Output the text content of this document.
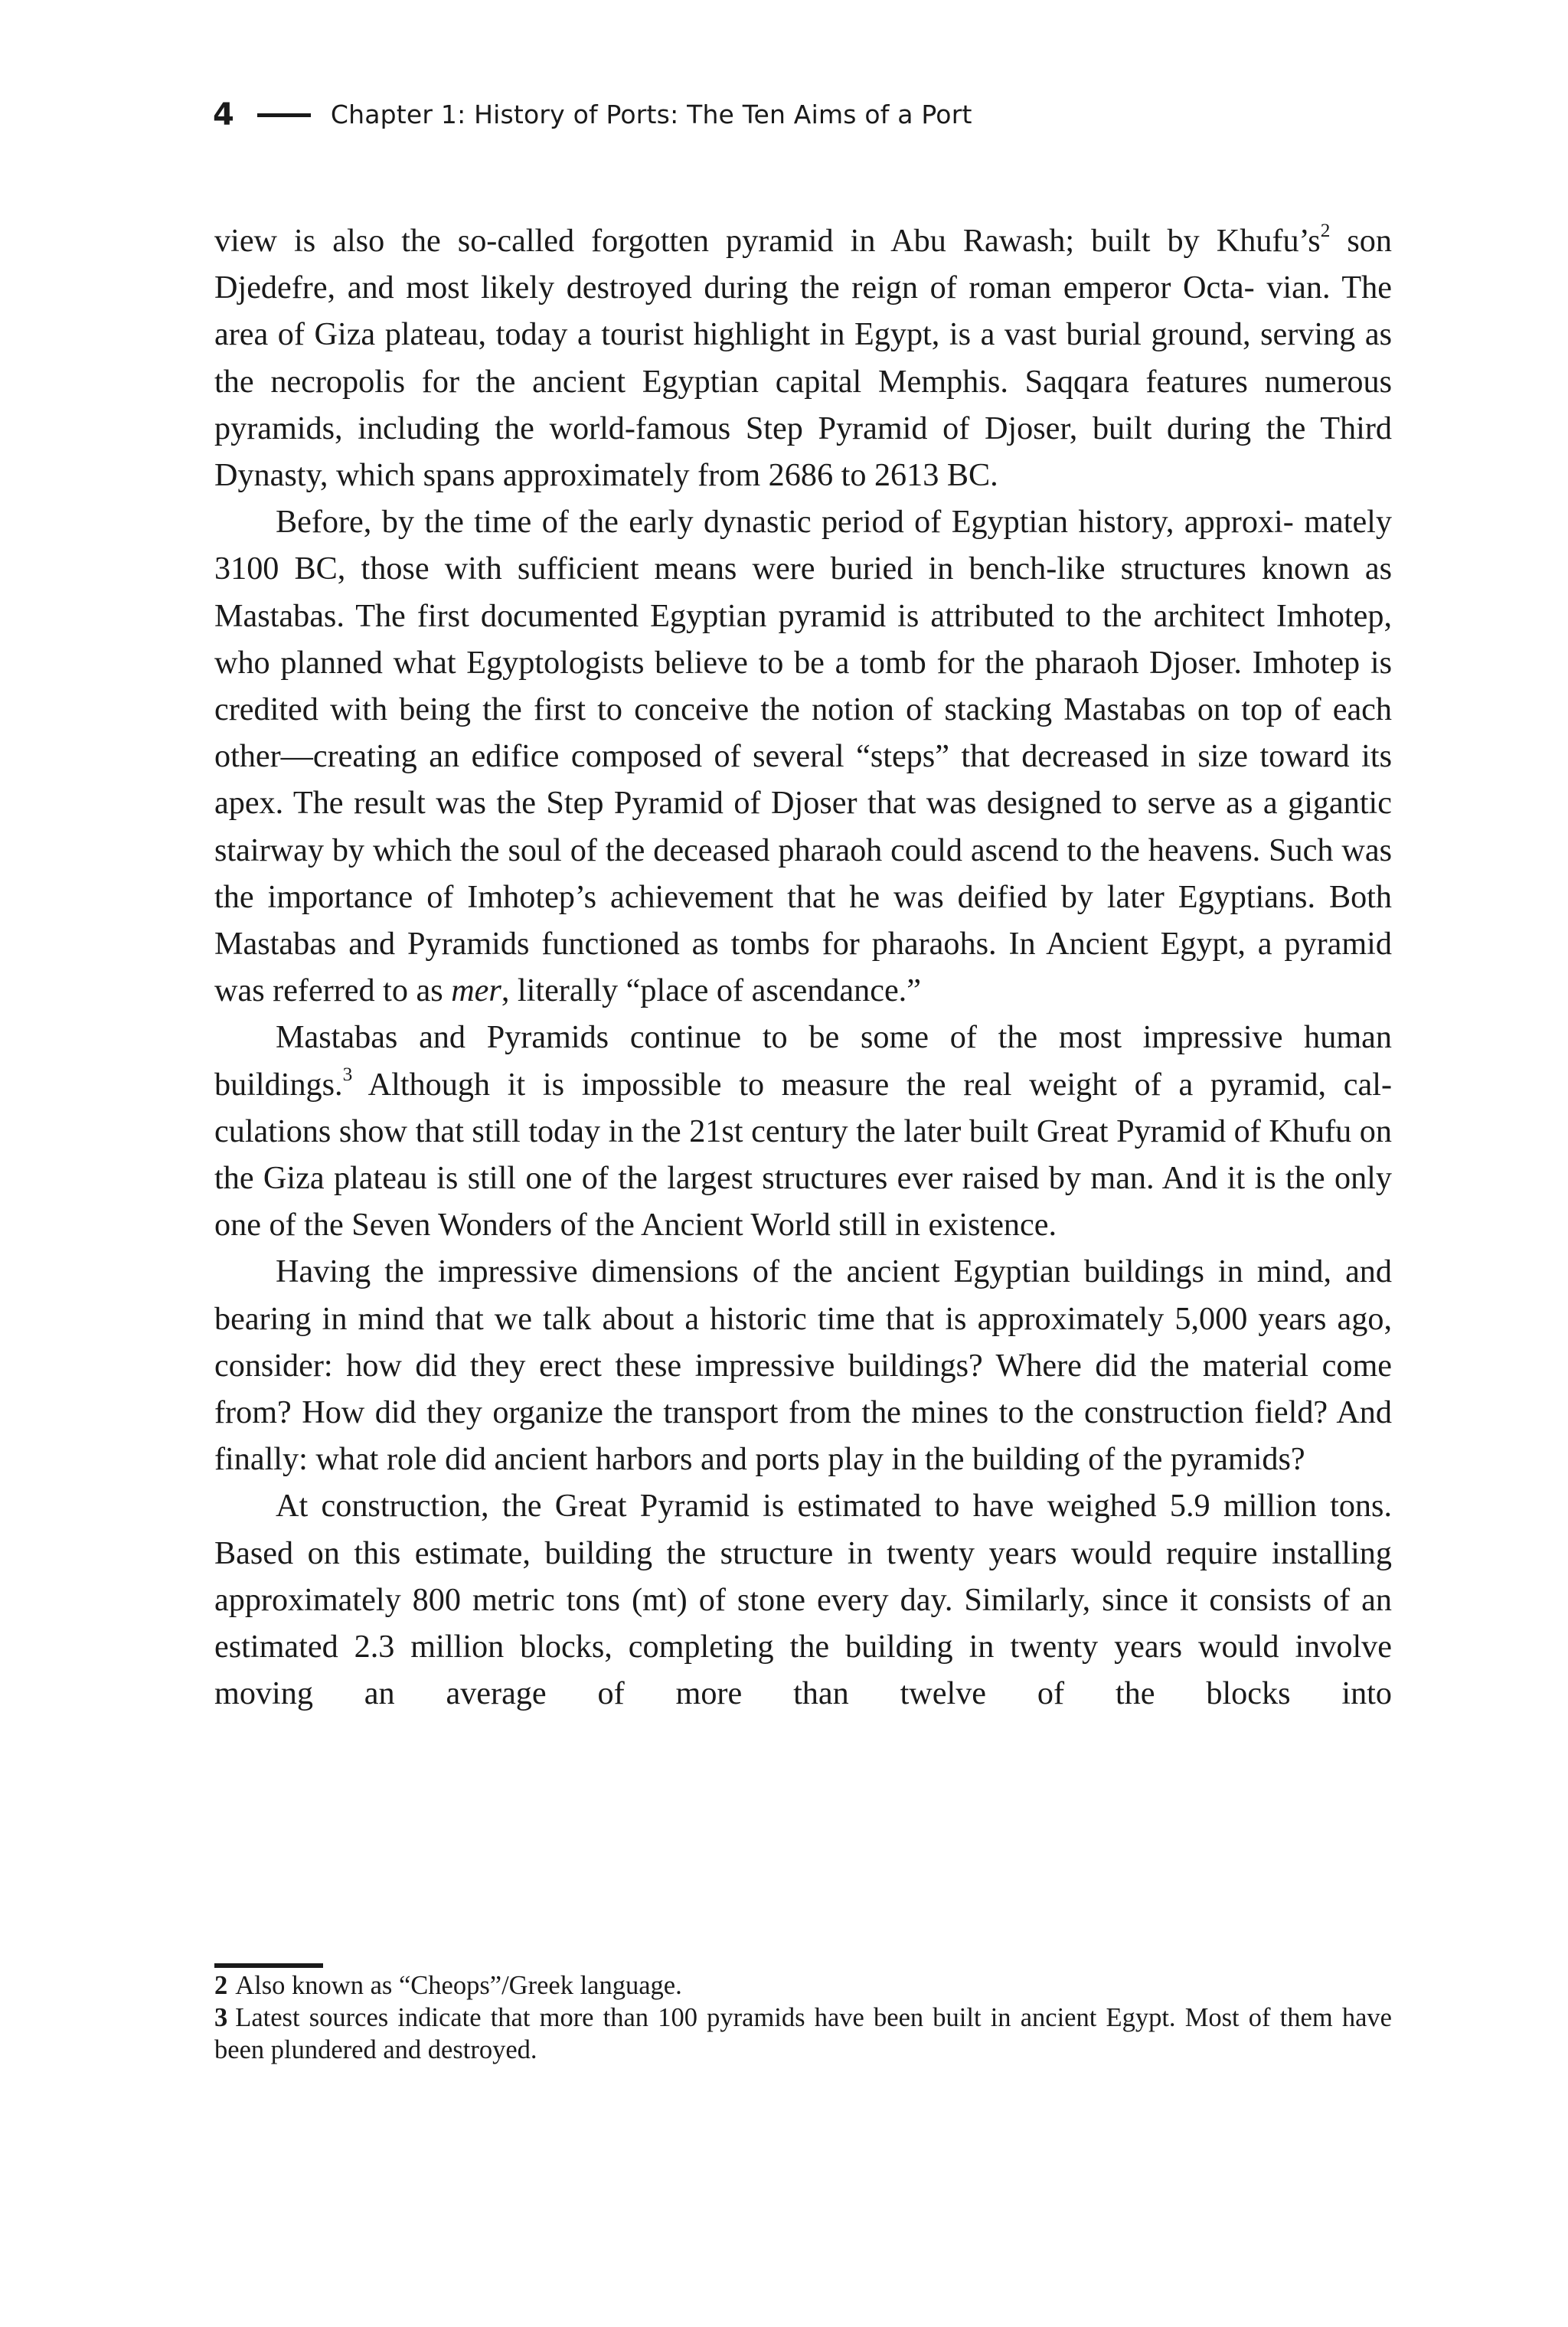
4	Chapter 1: History of Ports: The Ten Aims of a Port

view is also the so-called forgotten pyramid in Abu Rawash; built by $Khufu’s^2$ son Djedefre, and most likely destroyed during the reign of roman emperor Octa- vian. The area of Giza plateau, today a tourist highlight in Egypt, is a vast burial ground, serving as the necropolis for the ancient Egyptian capital Memphis. Saqqara features numerous pyramids, including the world-famous Step Pyramid of Djoser, built during the Third Dynasty, which spans approximately from 2686 to 2613 BC.

Before, by the time of the early dynastic period of Egyptian history, approxi- mately 3100 BC, those with sufficient means were buried in bench-like structures known as Mastabas. The first documented Egyptian pyramid is attributed to the architect Imhotep, who planned what Egyptologists believe to be a tomb for the pharaoh Djoser. Imhotep is credited with being the first to conceive the notion of stacking Mastabas on top of each other—creating an edifice composed of several “steps” that decreased in size toward its apex. The result was the Step Pyramid of Djoser that was designed to serve as a gigantic stairway by which the soul of the deceased pharaoh could ascend to the heavens. Such was the importance of Imhotep’s achievement that he was deified by later Egyptians. Both Mastabas and Pyramids functioned as tombs for pharaohs. In Ancient Egypt, a pyramid was referred to as mer, literally “place of ascendance.”

Mastabas and Pyramids continue to be some of the most impressive human buildings.$^3$ Although it is impossible to measure the real weight of a pyramid, cal- culations show that still today in the 21st century the later built Great Pyramid of Khufu on the Giza plateau is still one of the largest structures ever raised by man. And it is the only one of the Seven Wonders of the Ancient World still in existence.

Having the impressive dimensions of the ancient Egyptian buildings in mind, and bearing in mind that we talk about a historic time that is approximately 5,000 years ago, consider: how did they erect these impressive buildings? Where did the material come from? How did they organize the transport from the mines to the construction field? And finally: what role did ancient harbors and ports play in the building of the pyramids?

At construction, the Great Pyramid is estimated to have weighed 5.9 million tons. Based on this estimate, building the structure in twenty years would require installing approximately 800 metric tons (mt) of stone every day. Similarly, since it consists of an estimated 2.3 million blocks, completing the building in twenty years would involve moving an average of more than twelve of the blocks into

2 Also known as “Cheops”/Greek language.

3 Latest sources indicate that more than 100 pyramids have been built in ancient Egypt. Most of them have been plundered and destroyed.
